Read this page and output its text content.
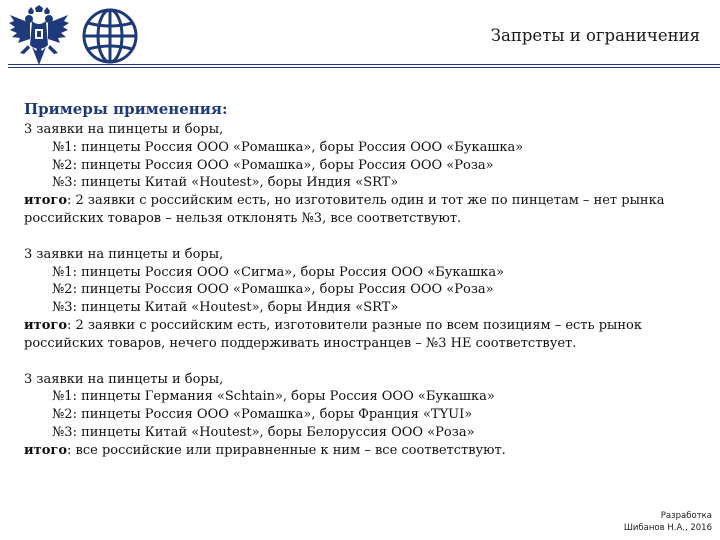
Запреты и ограничения
Примеры применения:
3 заявки на пинцеты и боры,
№1: пинцеты Россия ООО «Ромашка», боры Россия ООО «Букашка»
№2: пинцеты Россия ООО «Ромашка», боры Россия ООО «Роза»
№3: пинцеты Китай «Houtest», боры Индия «SRT»
итого: 2 заявки с российским есть, но изготовитель один и тот же по пинцетам – нет рынка российских товаров – нельзя отклонять №3, все соответствуют.
3 заявки на пинцеты и боры,
№1: пинцеты Россия ООО «Сигма», боры Россия ООО «Букашка»
№2: пинцеты Россия ООО «Ромашка», боры Россия ООО «Роза»
№3: пинцеты Китай «Houtest», боры Индия «SRT»
итого: 2 заявки с российским есть, изготовители разные по всем позициям – есть рынок российских товаров, нечего поддерживать иностранцев – №3 НЕ соответствует.
3 заявки на пинцеты и боры,
№1: пинцеты Германия «Schtain», боры Россия ООО «Букашка»
№2: пинцеты Россия ООО «Ромашка», боры Франция «TYUI»
№3: пинцеты Китай «Houtest», боры Белоруссия ООО «Роза»
итого: все российские или приравненные к ним – все соответствуют.
Разработка
Шибанов Н.А., 2016
